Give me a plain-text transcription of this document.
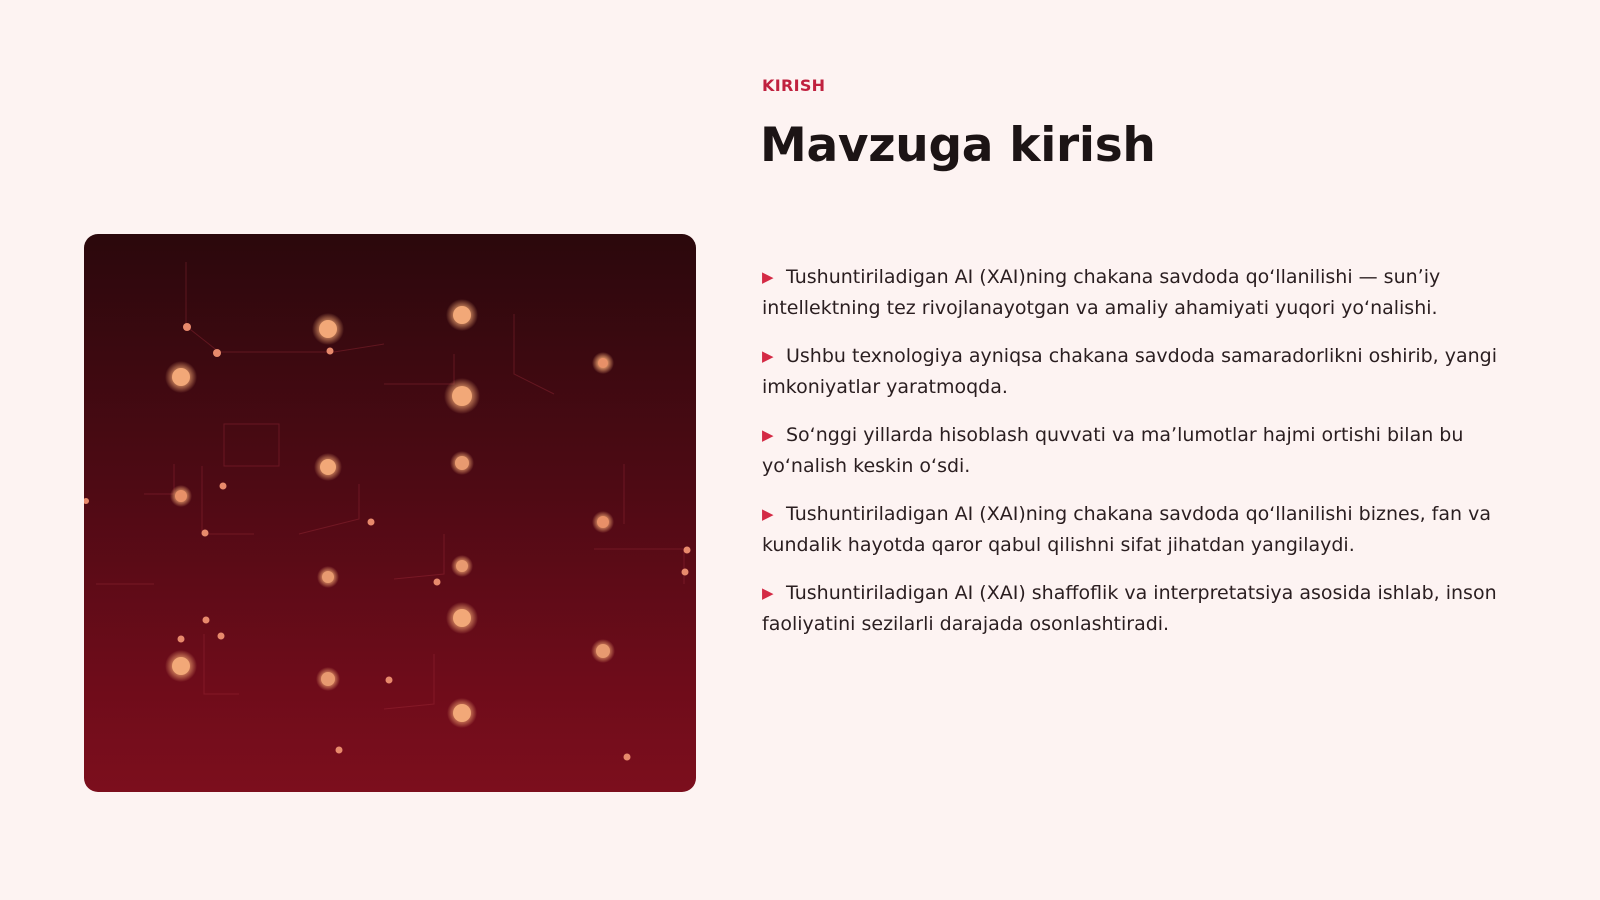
KIRISH
Mavzuga kirish
▶ Tushuntiriladigan AI (XAI)ning chakana savdoda qoʻllanilishi — sunʼiy intellektning tez rivojlanayotgan va amaliy ahamiyati yuqori yoʻnalishi.
▶ Ushbu texnologiya ayniqsa chakana savdoda samaradorlikni oshirib, yangi imkoniyatlar yaratmoqda.
▶ Soʻnggi yillarda hisoblash quvvati va maʼlumotlar hajmi ortishi bilan bu yoʻnalish keskin oʻsdi.
▶ Tushuntiriladigan AI (XAI)ning chakana savdoda qoʻllanilishi biznes, fan va kundalik hayotda qaror qabul qilishni sifat jihatdan yangilaydi.
▶ Tushuntiriladigan AI (XAI) shaffoflik va interpretatsiya asosida ishlab, inson faoliyatini sezilarli darajada osonlashtiradi.
